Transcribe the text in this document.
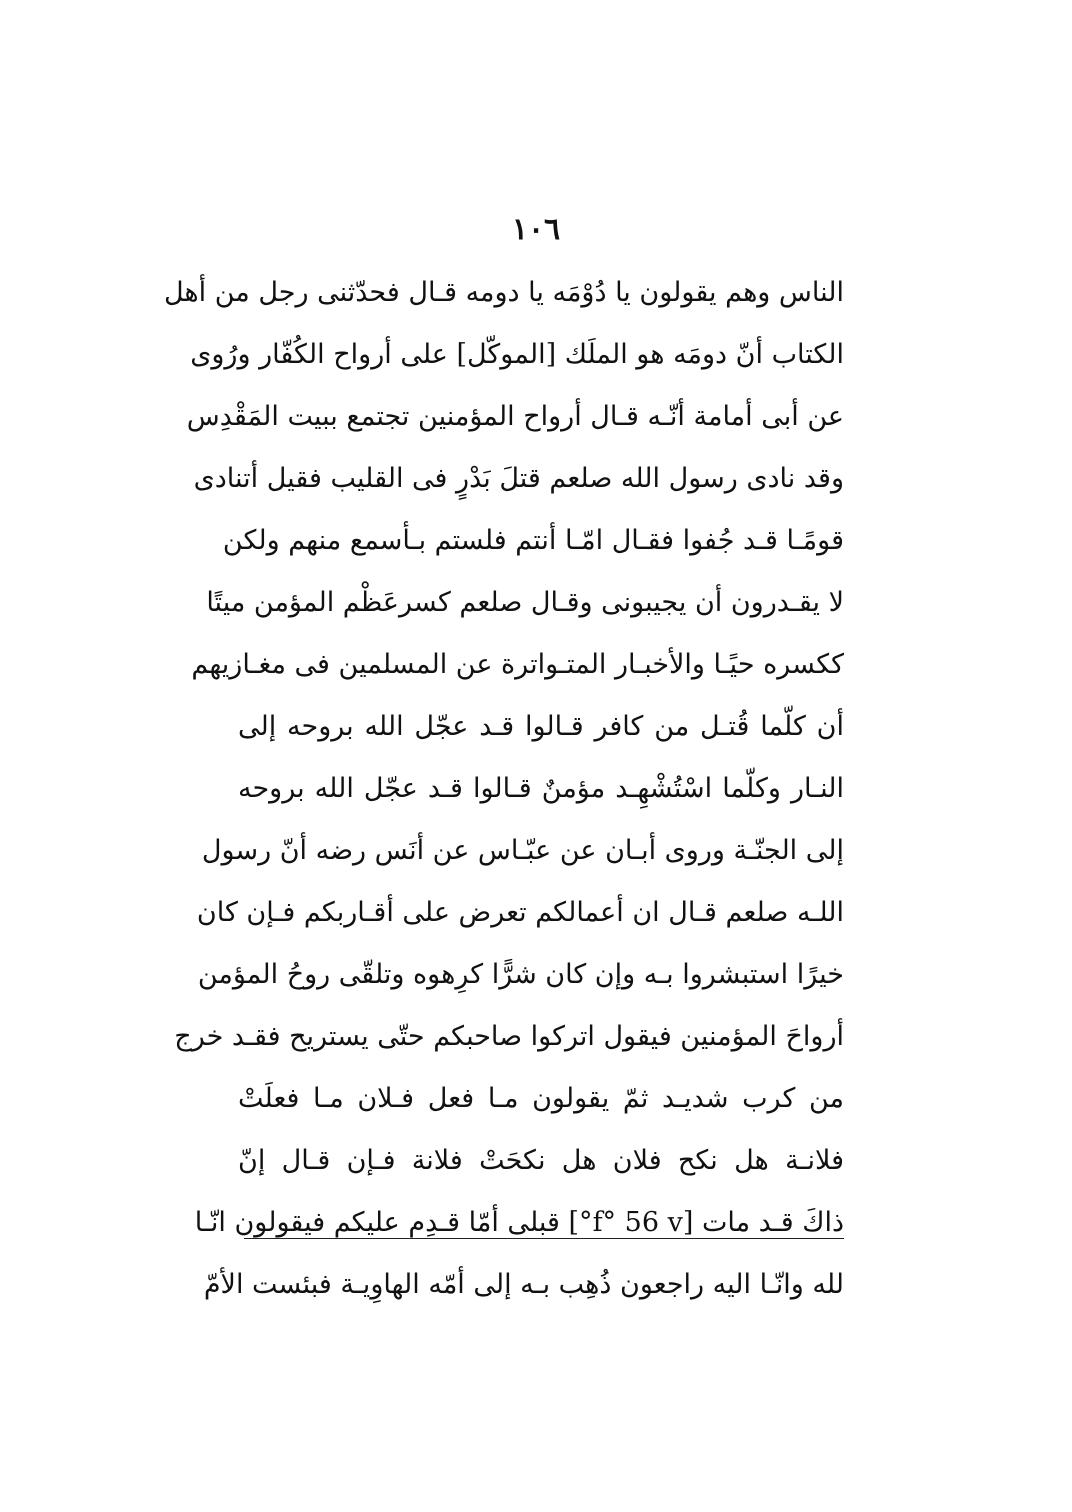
١٠٦
الناس وهم يقولون يا دُوْمَه يا دومه قـال فحدّثنى رجل من أهل
الكتاب أنّ دومَه هو الملَك [الموكّل] على أرواح الكُفّار ورُوى
عن أبى أمامة أنّـه قـال أرواح المؤمنين تجتمع ببيت المَقْدِس
وقد نادى رسول الله صلعم قتلَ بَدْرٍ فى القليب فقيل أتنادى
قومًـا قـد جُفوا فقـال امّـا أنتم فلستم بـأسمع منهم ولكن
لا يقـدرون أن يجيبونى وقـال صلعم كسرعَظْم المؤمن ميتًا
ككسره حيًـا والأخبـار المتـواترة عن المسلمين فى مغـازيهم
أن كلّما قُتـل من كافر قـالوا قـد عجّل الله بروحه إلى
النـار وكلّما اسْتُشْهِـد مؤمنٌ قـالوا قـد عجّل الله بروحه
إلى الجنّـة وروى أبـان عن عبّـاس عن أنَس رضه أنّ رسول
اللـه صلعم قـال ان أعمالكم تعرض على أقـاربكم فـإن كان
خيرًا استبشروا بـه وإن كان شرًّا كرِهوه وتلقّى روحُ المؤمن
أرواحَ المؤمنين فيقول اتركوا صاحبكم حتّى يستريح فقـد خرج
من كرب شديـد ثمّ يقولون مـا فعل فـلان مـا فعلَتْ
فلانـة هل نكح فلان هل نكحَتْ فلانة فـإن قـال إنّ
ذاكَ قـد مات [f° 56 v°] قبلى أمّا قـدِم عليكم فيقولون انّـا
لله وانّـا اليه راجعون ذُهِب بـه إلى أمّه الهاوِيـة فبئست الأمّ
